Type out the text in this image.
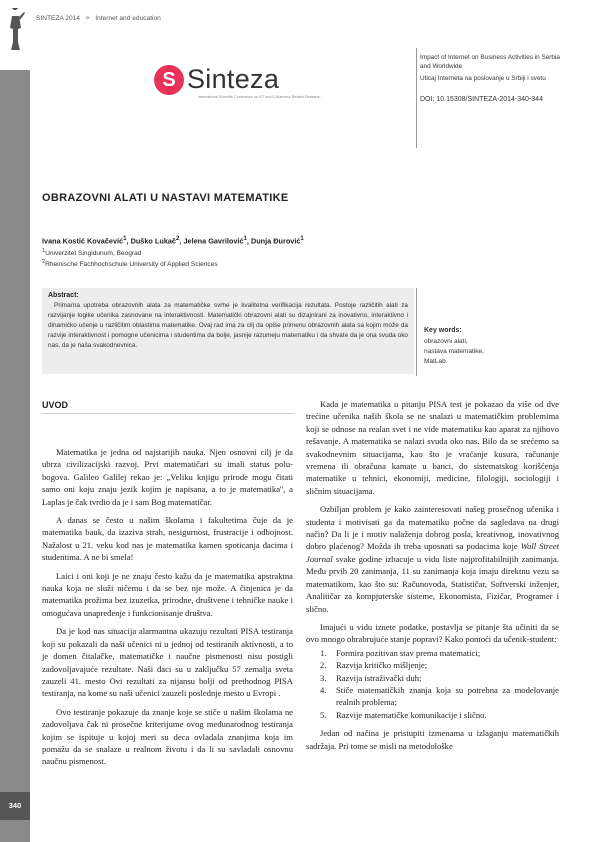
340
SINTEZA 2014 ✧ Internet and education
S Sinteza
International Scientific Conference on ICT and E-Business Related Research

Impact of Internet on Business Activities in Serbia and Worldwide

Uticaj Interneta na poslovanje u Srbiji i svetu

DOI: 10.15308/SINTEZA-2014-340-344

OBRAZOVNI ALATI U NASTAVI MATEMATIKE
Ivana Kostić Kovačević$^1$, Duško Lukač$^2$, Jelena Gavrilović$^1$, Dunja Đurović$^1$
$^1$Univerzitet Singidunum, Beograd
$^2$Rheinische Fachhochschule University of Applied Sciences
Abstract:
Primarna upotreba obrazovnih alata za matematičke svrhe je kvalitetna verifikacija rezultata. Postoje različitih alati za razvijanje logike učenika zasnovane na interaktivnosti. Matematički obrazovni alati su dizajnirani za inovativno, interaktivno i dinamičko učenje u različitim oblastima matematike. Ovaj rad ima za cilj da opiše primenu obrazovnih alata sa kojim može da razvije interaktivnost i pomogne učenicima i studentima da bolje, jasnije razumeju matematiku i da shvate da je ona svuda oko nas, da je naša svakodnevnica.
Key words:
obrazovni alati,
nastava matematike,
MatLab.
UVOD

Matematika je jedna od najstarijih nauka. Njen osnovni cilj je da ubrza civilizacijski razvoj. Prvi matematičari su imali status polu-bogova. Galileo Galilej rekao je: „Veliku knjigu prirode mogu čitati samo oni koju znaju jezik kojim je napisana, a to je matematika'', a Laplas je čak tvrdio da je i sam Bog matematičar.

A danas se često u našim školama i fakultetima čuje da je matematika bauk, da izaziva strah, nesigurnost, frustracije i odbojnost. Nažalost u 21. veku kod nas je matematika kamen spoticanja đacima i studentima. A ne bi smela!

Laici i oni koji je ne znaju često kažu da je matematika apstraktna nauka koja ne služi ničemu i da se bez nje može. A činjenica je da matematika prožima bez izuzetka, prirodne, društvene i tehničke nauke i omogućava unapređenje i funkcionisanje društva.

Da je kod nas situacija alarmantna ukazuju rezultati PISA testiranja koji su pokazali da naši učenici ni u jednoj od testiranih aktivnosti, a to je domen čitalačke, matematičke i naučne pismenosti nisu postigli zadovoljavajuće rezultate. Naši đaci su u zaključku 57 zemalja sveta zauzeli 41. mesto Ovi rezultati za nijansu bolji od prethodnog PISA testiranja, na kome su naši učenici zauzeli poslednje mesto u Evropi .

Ovo testiranje pokazuje da znanje koje se stiče u našim školama ne zadovoljava čak ni prosečne kriterijume ovog međunarodnog testiranja kojim se ispituje u kojoj meri su deca ovladala znanjima koja im pomažu da se snalaze u realnom životu i da li su savladali osnovnu naučnu pismenost.

Kada je matematika u pitanju PISA test je pokazao da više od dve trećine učenika naših škola se ne snalazi u matematičkim problemima koji se odnose na realan svet i ne vide matematiku kao aparat za njihovo rešavanje. A matematika se nalazi svuda oko nas. Bilo da se srećemo sa svakodnevnim situacijama, kao što je vraćanje kusura, računanje vremena ili obračuna kamate u banci, do sistematskog korišćenja matematike u tehnici, ekonomiji, medicine, filologiji, sociologiji i sličnim situacijama.

Ozbiljan problem je kako zainteresovati našeg prosečnog učenika i studenta i motivisati ga da matematiku počne da sagledava na drugi način? Da li je i motiv nalaženja dobrog posla, kreativnog, inovativnog dobro plaćenog? Možda ih treba uposnati sa podacima koje Wall Street Journal svake godine izbacuje u vidu liste najprofitabilnijih zanimanja. Među prvih 20 zanimanja, 11 su zanimanja koja imaju direktnu vezu sa matematikom, kao što su: Računovođa, Statističar, Softverski inženjer, Analitičar za kompjuterske sisteme, Ekonomista, Fizičar, Programer i slično.

Imajući u vidu iznete podatke, postavlja se pitanje šta učiniti da se ovo mnogo ohrabrujuće stanje popravi? Kako pomoći da učenik-student:

1.	Formira pozitivan stav prema matematici;
2.	Razvija kritičko mišljenje;
3.	Razvija istraživački duh;
4.	Stiče matematičkih znanja koja su potrebna za modelovanje realnih problema;
5.	Razvije matematičke komunikacije i slično.

Jedan od načina je pristupiti izmenama u izlaganju matematičkih sadržaja. Pri tome se misli na metodološke
